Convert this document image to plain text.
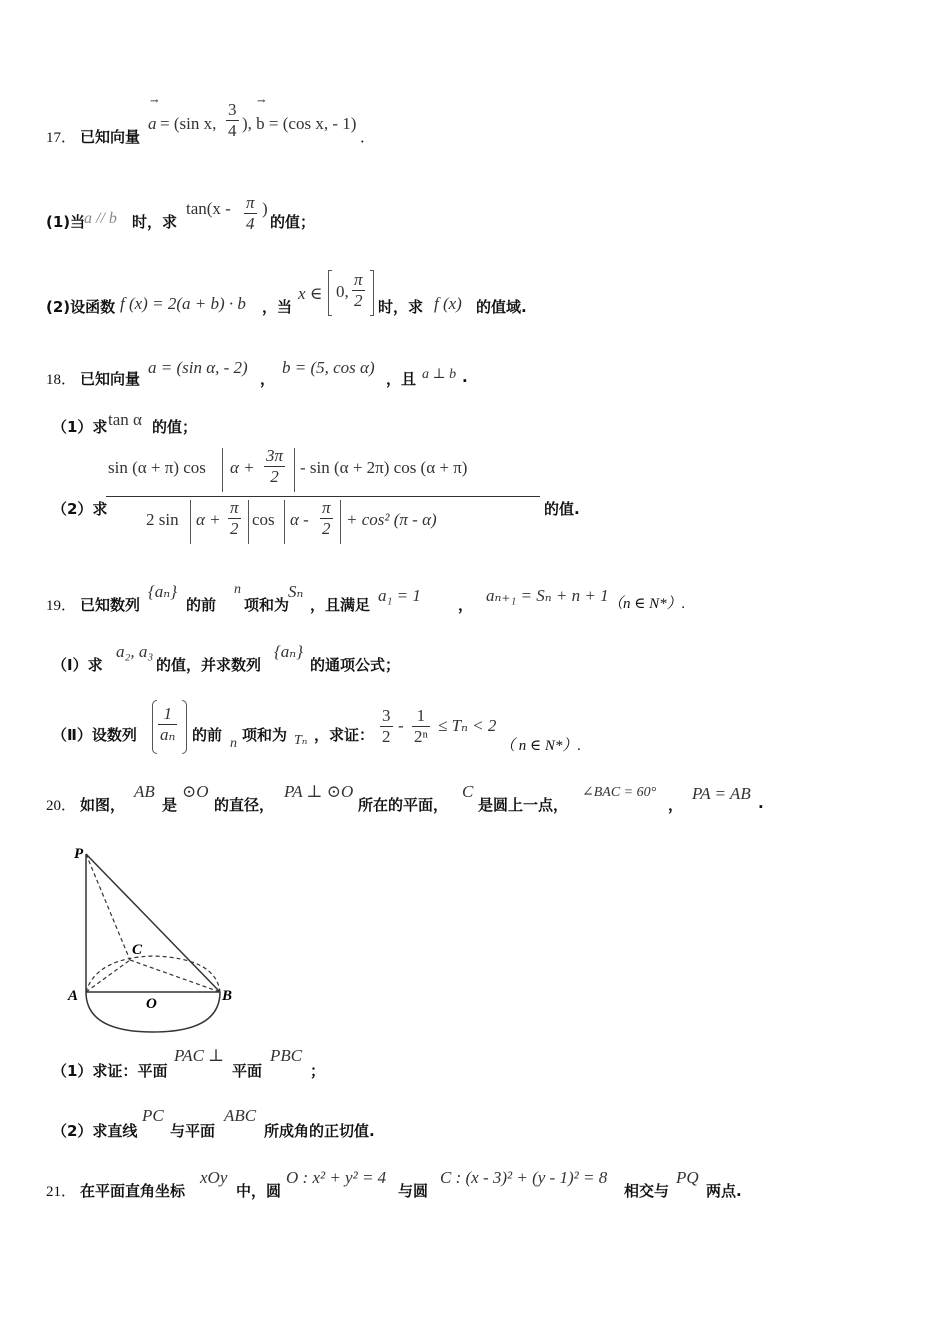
17． 已知向量
→
a = (sin x, $\frac{3}{4}$ →
), b = (cos x, - 1)
．
(1)当
a // b 时，求
$\tan(x - \frac{\pi}{4}$ )
的值；
(2)设函数 f (x) = 2(a + b) · b ，当
x ∈ 0, $\frac{\pi}{2}$ 时，求 f (x) 的值域.
18． 已知向量
a = (sin α, - 2)
，
b = (5, cos α)
，且 a ⊥ b .
（1）求 tan α 的值；
（2）求
sin (α + π) $\cos \alpha + \frac{3\pi}{2} - \sin (\alpha + 2\pi)$ cos (α + π)
2 $\sin \alpha + \frac{\pi}{2}$ $\cos \alpha - \frac{\pi}{2} + \cos^2$ (π - α)
的值.
19． 已知数列
{aₙ}
的前
n
项和为
Sₙ
，且满足 a₁ = 1 ， aₙ₊₁ = Sₙ + n + 1 （n ∈ N*）.
（Ⅰ）求
a₂, a₃
的值，并求数列
{aₙ}
的通项公式；
（Ⅱ）设数列 $\frac{1}{\text{aₙ}}$ 的前 n 项和为 Tₙ ，求证： $\frac{3}{2} - \frac{1}{\text{2ⁿ}} \le T_n < 2$
（ n ∈ N*）.
20． 如图，
AB
是
⊙O
的直径，
PA ⊥ ⊙O
所在的平面，
C
是圆上一点，
∠BAC = 60°
，
PA = AB .
P
C
A	O	B
（1）求证：平面
PAC ⊥
平面
PBC
；
（2）求直线
PC
与平面
ABC
所成角的正切值.
21． 在平面直角坐标
xOy
中，圆
O : x² + y² = 4
与圆
C : (x - 3)² + (y - 1)² = 8
相交与
PQ
两点.
